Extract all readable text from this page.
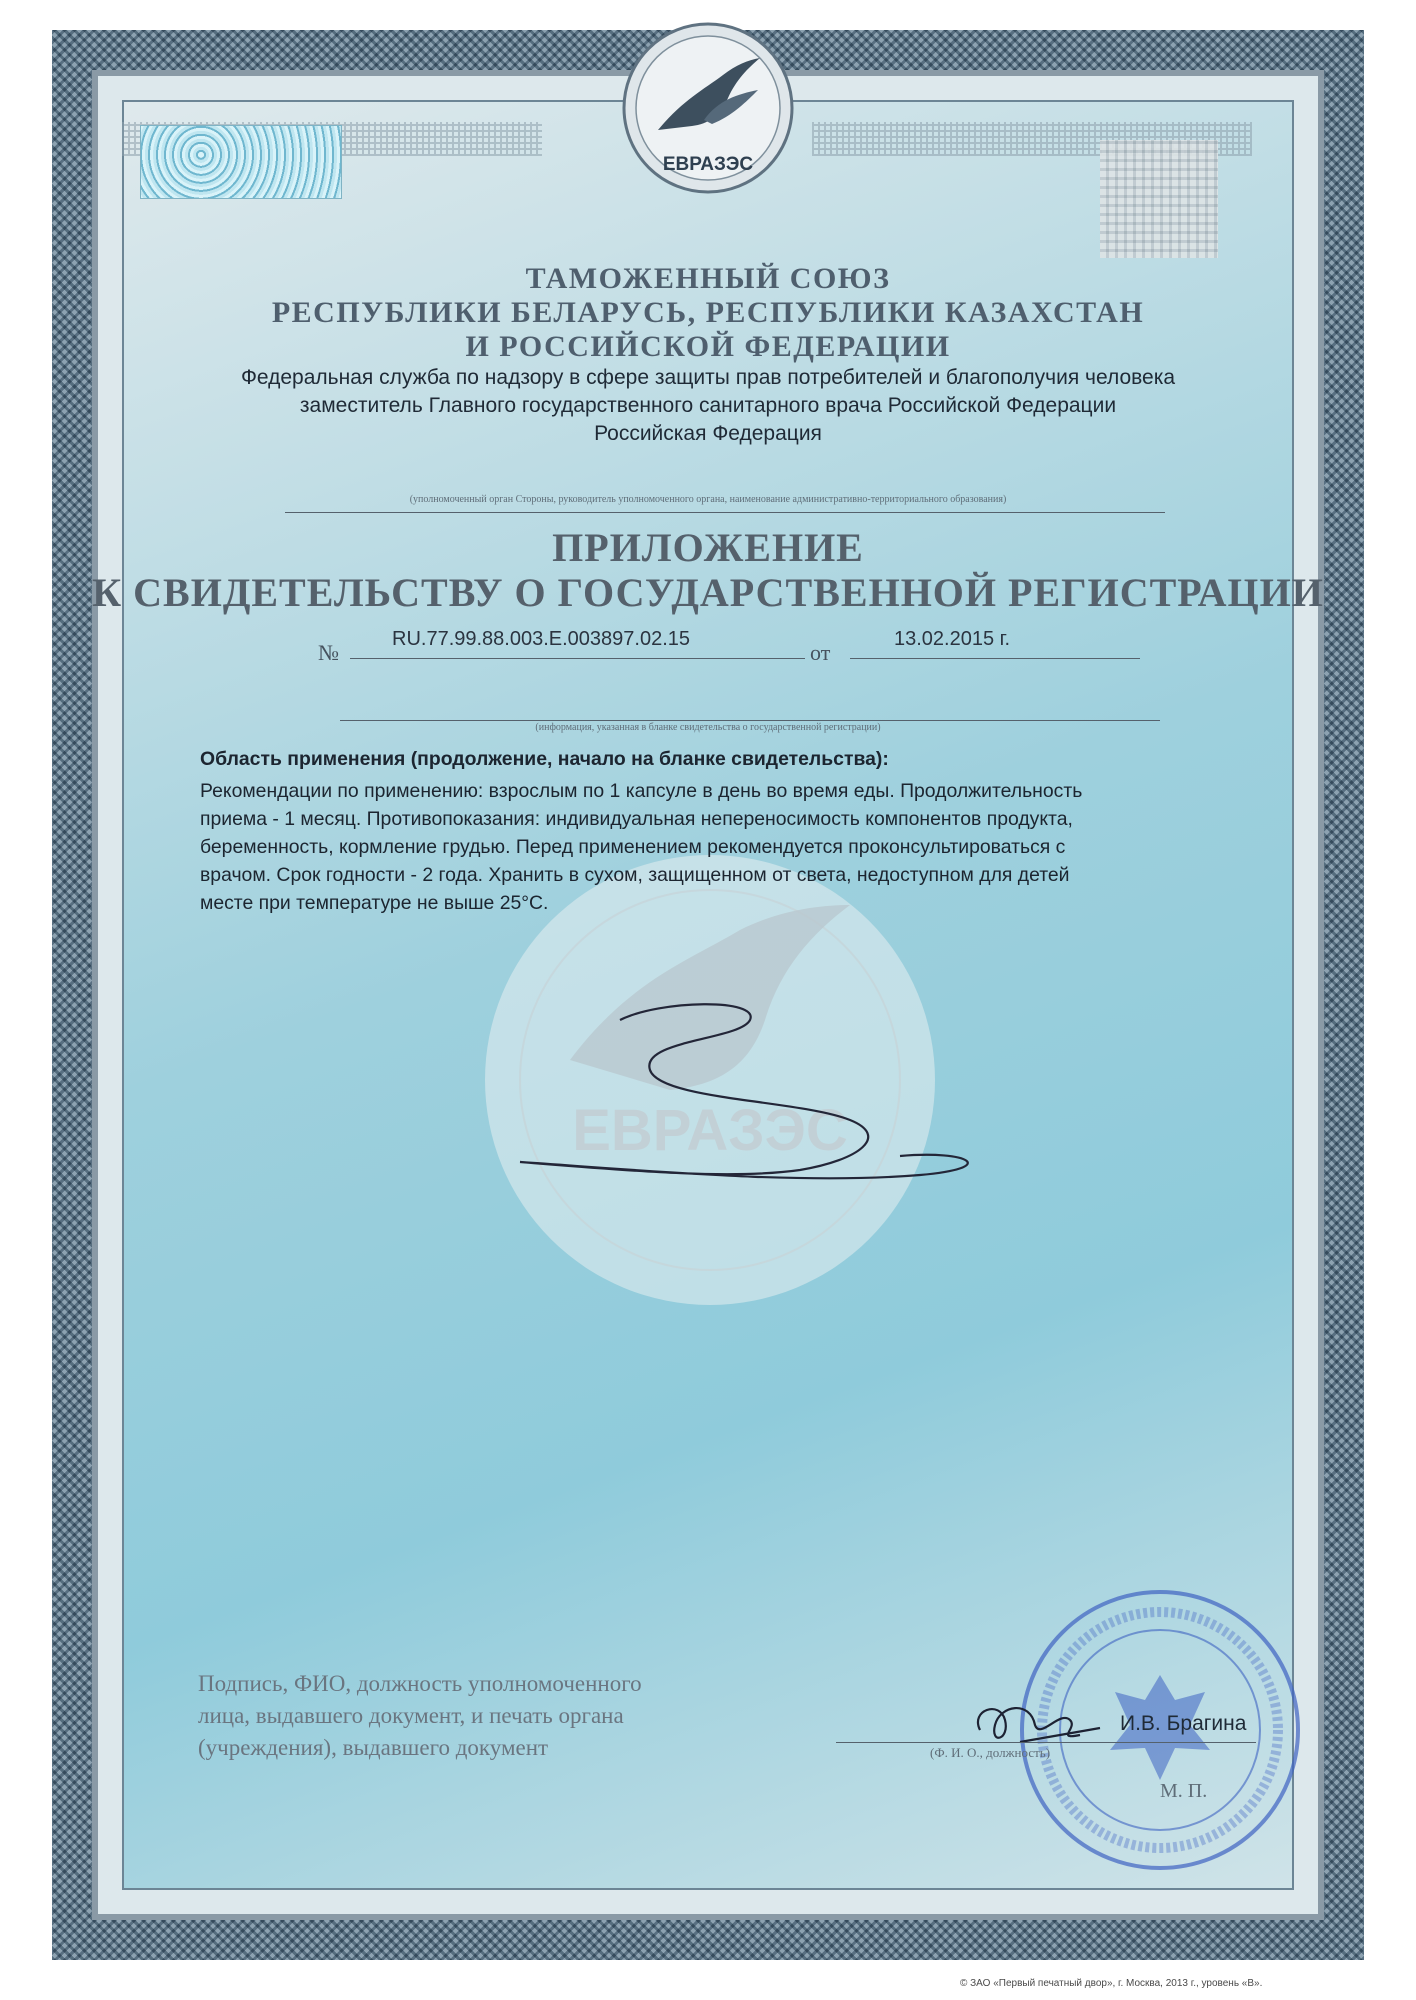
ЕВРАЗЭС
ЕВРАЗЭС
ТАМОЖЕННЫЙ СОЮЗ
РЕСПУБЛИКИ БЕЛАРУСЬ, РЕСПУБЛИКИ КАЗАХСТАН
И РОССИЙСКОЙ ФЕДЕРАЦИИ
Федеральная служба по надзору в сфере защиты прав потребителей и благополучия человека
заместитель Главного государственного санитарного врача Российской Федерации
Российская Федерация
(уполномоченный орган Стороны, руководитель уполномоченного органа, наименование административно-территориального образования)
ПРИЛОЖЕНИЕ
К СВИДЕТЕЛЬСТВУ О ГОСУДАРСТВЕННОЙ РЕГИСТРАЦИИ
№
RU.77.99.88.003.E.003897.02.15
от
13.02.2015 г.
(информация, указанная в бланке свидетельства о государственной регистрации)
Область применения (продолжение, начало на бланке свидетельства):
Рекомендации по применению: взрослым по 1 капсуле в день во время еды. Продолжительность
приема - 1 месяц. Противопоказания: индивидуальная непереносимость компонентов продукта,
беременность, кормление грудью. Перед применением рекомендуется проконсультироваться с
врачом. Срок годности - 2 года. Хранить в сухом, защищенном от света, недоступном для детей
месте при температуре не выше 25°С.
Подпись, ФИО, должность уполномоченного
лица, выдавшего документ, и печать органа
(учреждения), выдавшего документ
И.В. Брагина
(Ф. И. О., должность)
М. П.
© ЗАО «Первый печатный двор», г. Москва, 2013 г., уровень «В».
